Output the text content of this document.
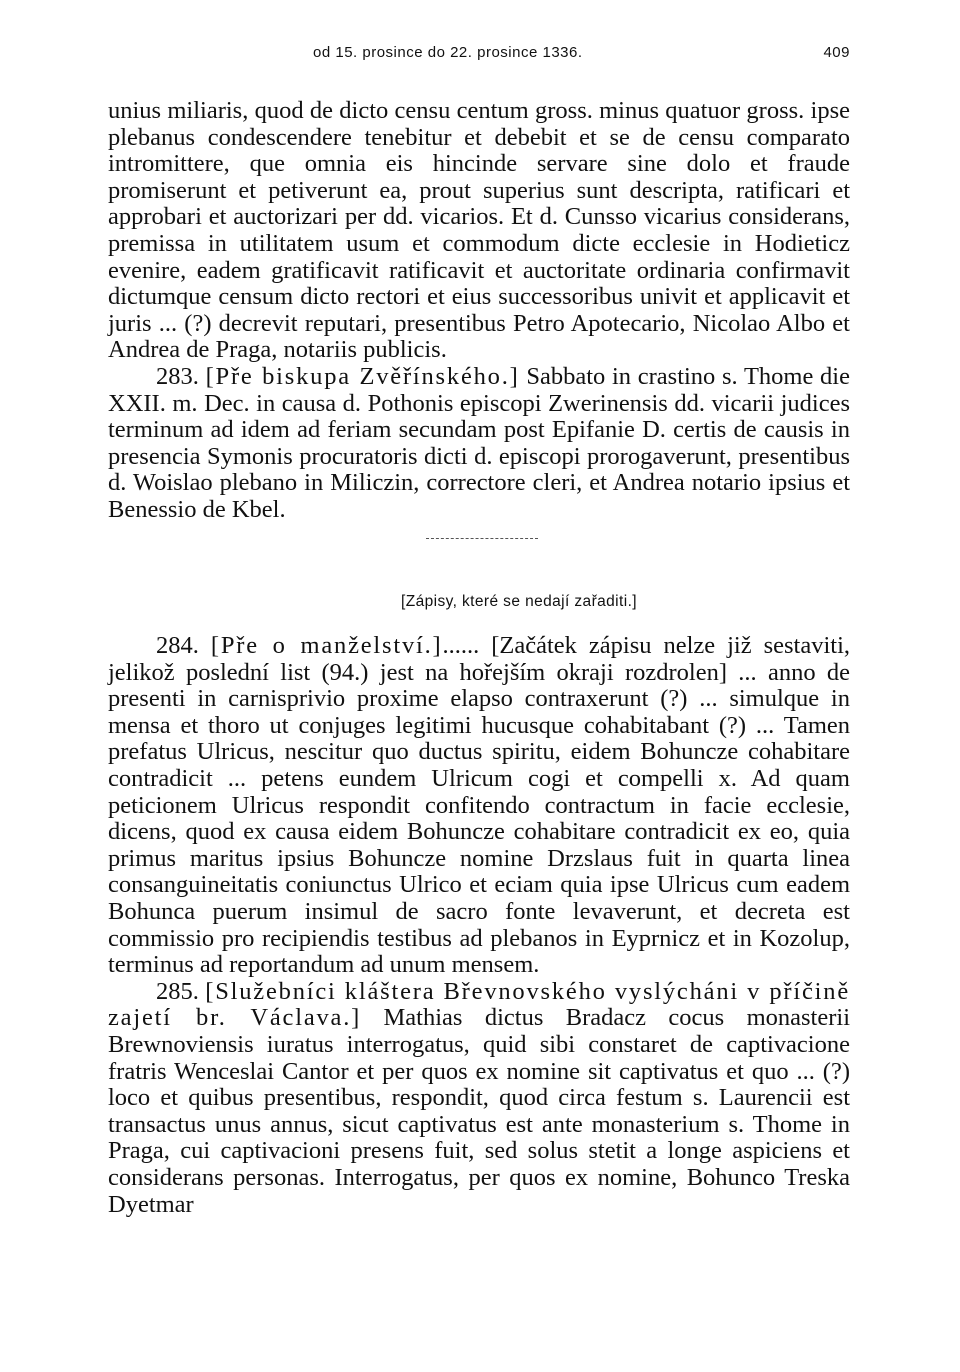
od 15. prosince do 22. prosince 1336.	409

unius miliaris, quod de dicto censu centum gross. minus quatuor gross. ipse plebanus condescendere tenebitur et debebit et se de censu comparato intromittere, que omnia eis hincinde servare sine dolo et fraude promiserunt et petiverunt ea, prout superius sunt descripta, ratificari et approbari et auctorizari per dd. vicarios. Et d. Cunsso vicarius considerans, premissa in utilitatem usum et commodum dicte ecclesie in Hodieticz evenire, eadem gratificavit ratificavit et auctoritate ordinaria confirmavit dictumque censum dicto rectori et eius successoribus univit et applicavit et juris ... (?) decrevit reputari, presentibus Petro Apotecario, Nicolao Albo et Andrea de Praga, notariis publicis.

283. [Pře biskupa Zvěřínského.] Sabbato in crastino s. Thome die XXII. m. Dec. in causa d. Pothonis episcopi Zwerinensis dd. vicarii judices terminum ad idem ad feriam secundam post Epifanie D. certis de causis in presencia Symonis procuratoris dicti d. episcopi prorogaverunt, presentibus d. Woislao plebano in Miliczin, correctore cleri, et Andrea notario ipsius et Benessio de Kbel.

[Zápisy, které se nedají zařaditi.]

284. [Pře o manželství.]...... [Začátek zápisu nelze již sestaviti, jelikož poslední list (94.) jest na hořejším okraji rozdrolen] ... anno de presenti in carnisprivio proxime elapso contraxerunt (?) ... simulque in mensa et thoro ut conjuges legitimi hucusque cohabitabant (?) ... Tamen prefatus Ulricus, nescitur quo ductus spiritu, eidem Bohuncze cohabitare contradicit ... petens eundem Ulricum cogi et compelli x. Ad quam peticionem Ulricus respondit confitendo contractum in facie ecclesie, dicens, quod ex causa eidem Bohuncze cohabitare contradicit ex eo, quia primus maritus ipsius Bohuncze nomine Drzslaus fuit in quarta linea consanguineitatis coniunctus Ulrico et eciam quia ipse Ulricus cum eadem Bohunca puerum insimul de sacro fonte levaverunt, et decreta est commissio pro recipiendis testibus ad plebanos in Eyprnicz et in Kozolup, terminus ad reportandum ad unum mensem.

285. [Služebníci kláštera Břevnovského vyslýcháni v příčině zajetí br. Václava.] Mathias dictus Bradacz cocus monasterii Brewnoviensis iuratus interrogatus, quid sibi constaret de captivacione fratris Wenceslai Cantor et per quos ex nomine sit captivatus et quo ... (?) loco et quibus presentibus, respondit, quod circa festum s. Laurencii est transactus unus annus, sicut captivatus est ante monasterium s. Thome in Praga, cui captivacioni presens fuit, sed solus stetit a longe aspiciens et considerans personas. Interrogatus, per quos ex nomine, Bohunco Treska Dyetmar
